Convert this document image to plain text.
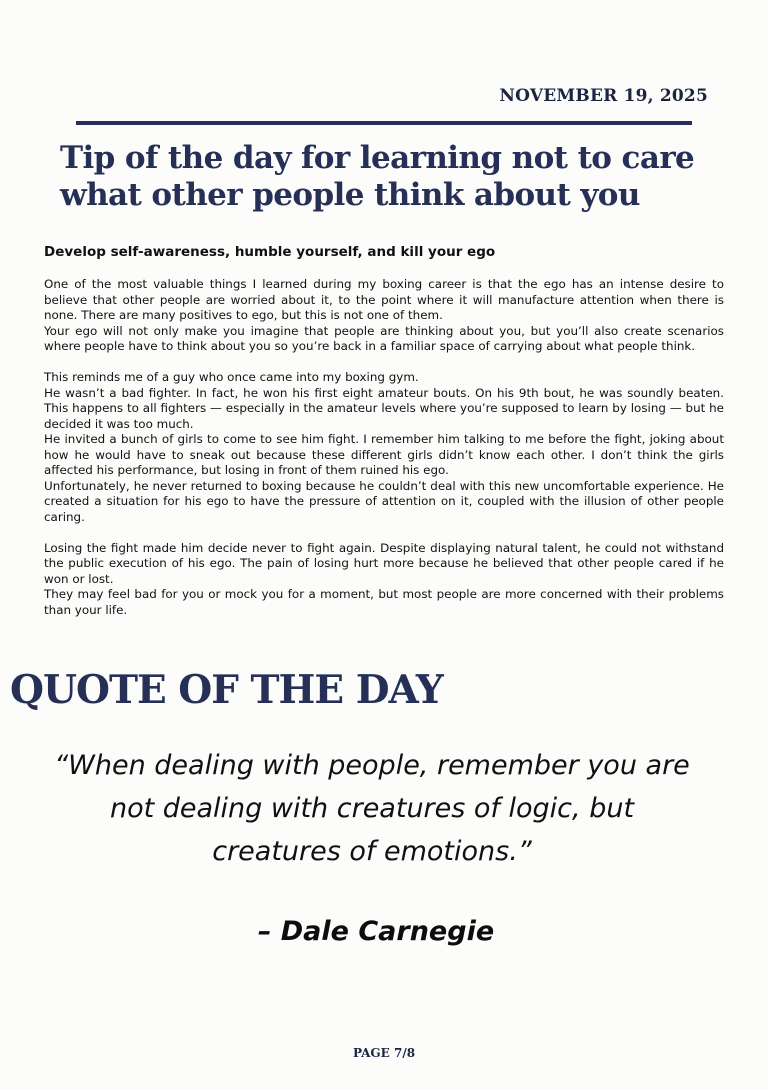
NOVEMBER 19, 2025
Tip of the day for learning not to care what other people think about you
Develop self-awareness, humble yourself, and kill your ego

One of the most valuable things I learned during my boxing career is that the ego has an intense desire to believe that other people are worried about it, to the point where it will manufacture attention when there is none. There are many positives to ego, but this is not one of them.

Your ego will not only make you imagine that people are thinking about you, but you’ll also create scenarios where people have to think about you so you’re back in a familiar space of carrying about what people think.

This reminds me of a guy who once came into my boxing gym.

He wasn’t a bad fighter. In fact, he won his first eight amateur bouts. On his 9th bout, he was soundly beaten. This happens to all fighters — especially in the amateur levels where you’re supposed to learn by losing — but he decided it was too much.

He invited a bunch of girls to come to see him fight. I remember him talking to me before the fight, joking about how he would have to sneak out because these different girls didn’t know each other. I don’t think the girls affected his performance, but losing in front of them ruined his ego.

Unfortunately, he never returned to boxing because he couldn’t deal with this new uncomfortable experience. He created a situation for his ego to have the pressure of attention on it, coupled with the illusion of other people caring.

Losing the fight made him decide never to fight again. Despite displaying natural talent, he could not withstand the public execution of his ego. The pain of losing hurt more because he believed that other people cared if he won or lost.

They may feel bad for you or mock you for a moment, but most people are more concerned with their problems than your life.

QUOTE OF THE DAY

“When dealing with people, remember you are not dealing with creatures of logic, but creatures of emotions.”

– Dale Carnegie
PAGE 7/8
